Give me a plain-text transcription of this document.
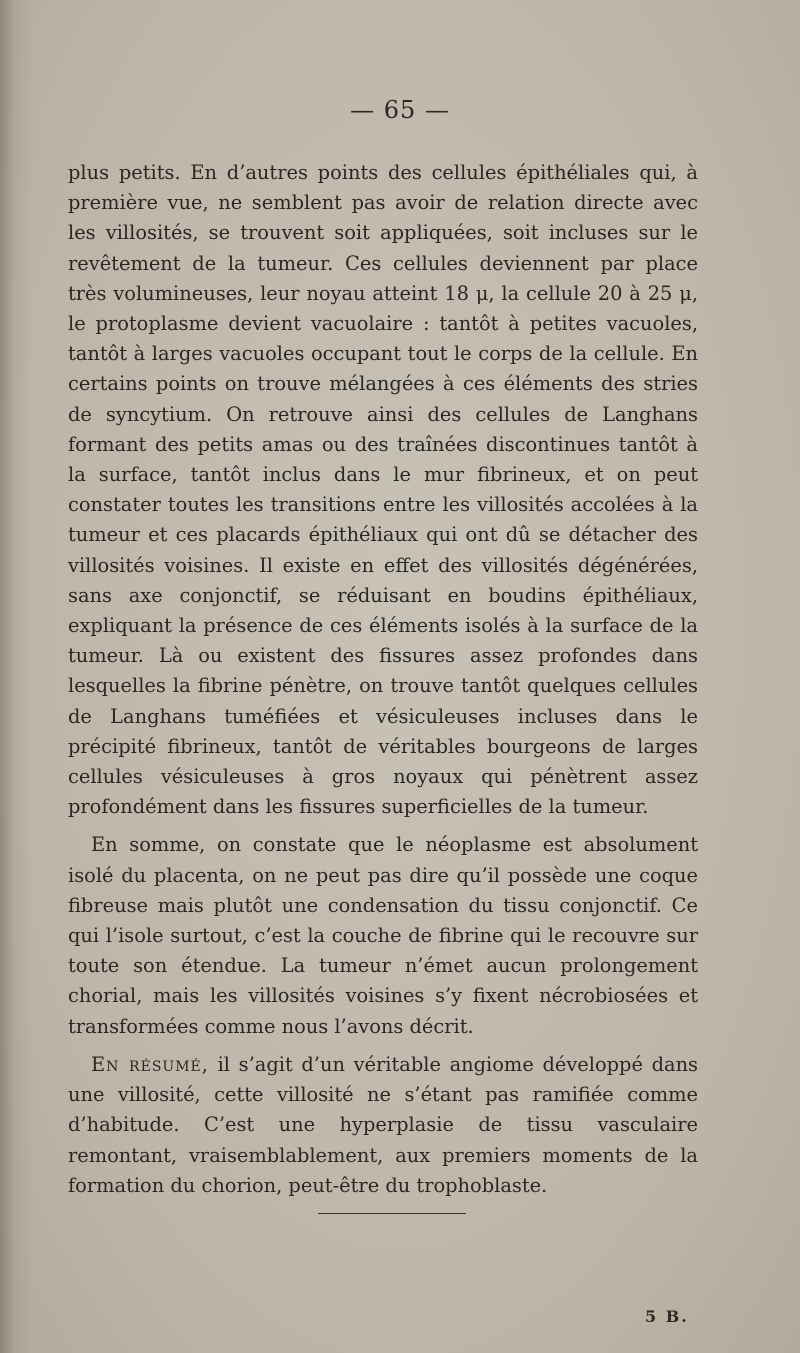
— 65 —

plus petits. En d’autres points des cellules épithéliales qui, à première vue, ne semblent pas avoir de relation directe avec les villosités, se trouvent soit appliquées, soit incluses sur le revêtement de la tumeur. Ces cellules deviennent par place très volumineuses, leur noyau atteint 18 μ, la cellule 20 à 25 μ, le protoplasme devient vacuolaire : tantôt à petites vacuoles, tantôt à larges vacuoles occupant tout le corps de la cellule. En certains points on trouve mélangées à ces éléments des stries de syncytium. On retrouve ainsi des cellules de Langhans formant des petits amas ou des traînées discontinues tantôt à la surface, tantôt inclus dans le mur fibrineux, et on peut constater toutes les transitions entre les villosités accolées à la tumeur et ces placards épithéliaux qui ont dû se détacher des villosités voisines. Il existe en effet des villosités dégénérées, sans axe conjonctif, se réduisant en boudins épithéliaux, expliquant la présence de ces éléments isolés à la surface de la tumeur. Là ou existent des fissures assez profondes dans lesquelles la fibrine pénètre, on trouve tantôt quelques cellules de Langhans tuméfiées et vésiculeuses incluses dans le précipité fibrineux, tantôt de véritables bourgeons de larges cellules vésiculeuses à gros noyaux qui pénètrent assez profondément dans les fissures superficielles de la tumeur.

En somme, on constate que le néoplasme est absolument isolé du placenta, on ne peut pas dire qu’il possède une coque fibreuse mais plutôt une condensation du tissu conjonctif. Ce qui l’isole surtout, c’est la couche de fibrine qui le recouvre sur toute son étendue. La tumeur n’émet aucun prolongement chorial, mais les villosités voisines s’y fixent nécrobiosées et transformées comme nous l’avons décrit.

En résumé, il s’agit d’un véritable angiome développé dans une villosité, cette villosité ne s’étant pas ramifiée comme d’habitude. C’est une hyperplasie de tissu vasculaire remontant, vraisemblablement, aux premiers moments de la formation du chorion, peut-être du trophoblaste.

5 B.
